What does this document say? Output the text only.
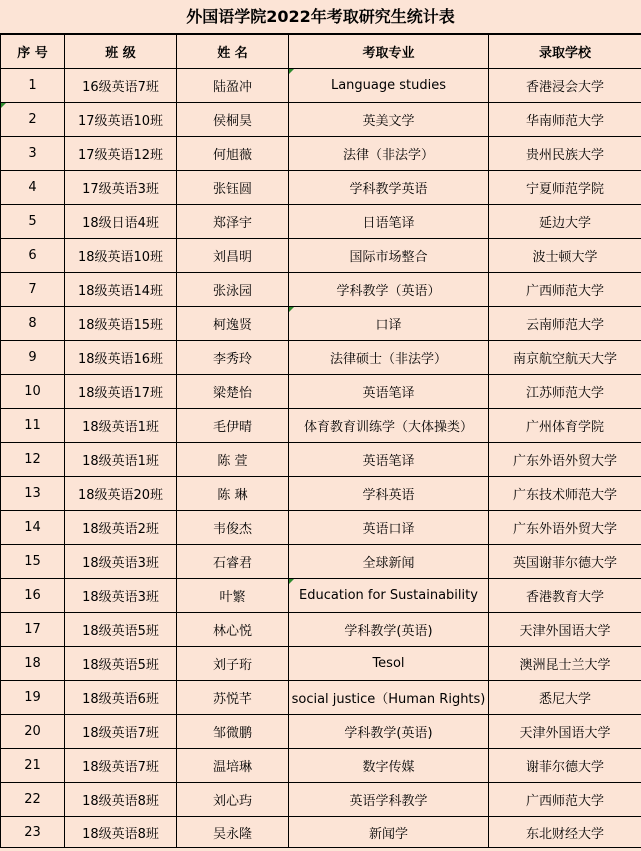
外国语学院2022年考取研究生统计表
序 号	班 级	姓 名	考取专业	录取学校
1	16级英语7班	陆盈冲	Language studies	香港浸会大学
2	17级英语10班	侯桐昊	英美文学	华南师范大学
3	17级英语12班	何旭薇	法律（非法学）	贵州民族大学
4	17级英语3班	张钰圆	学科教学英语	宁夏师范学院
5	18级日语4班	郑泽宇	日语笔译	延边大学
6	18级英语10班	刘昌明	国际市场整合	波士顿大学
7	18级英语14班	张泳园	学科教学（英语）	广西师范大学
8	18级英语15班	柯逸贤	口译	云南师范大学
9	18级英语16班	李秀玲	法律硕士（非法学）	南京航空航天大学
10	18级英语17班	梁楚怡	英语笔译	江苏师范大学
11	18级英语1班	毛伊晴	体育教育训练学（大体操类）	广州体育学院
12	18级英语1班	陈 萱	英语笔译	广东外语外贸大学
13	18级英语20班	陈 琳	学科英语	广东技术师范大学
14	18级英语2班	韦俊杰	英语口译	广东外语外贸大学
15	18级英语3班	石睿君	全球新闻	英国谢菲尔德大学
16	18级英语3班	叶繁	Education for Sustainability	香港教育大学
17	18级英语5班	林心悦	学科教学(英语)	天津外国语大学
18	18级英语5班	刘子珩	Tesol	澳洲昆士兰大学
19	18级英语6班	苏悦芊	social justice（Human Rights)	悉尼大学
20	18级英语7班	邹微鹏	学科教学(英语)	天津外国语大学
21	18级英语7班	温培琳	数字传媒	谢菲尔德大学
22	18级英语8班	刘心玙	英语学科教学	广西师范大学
23	18级英语8班	吴永隆	新闻学	东北财经大学
